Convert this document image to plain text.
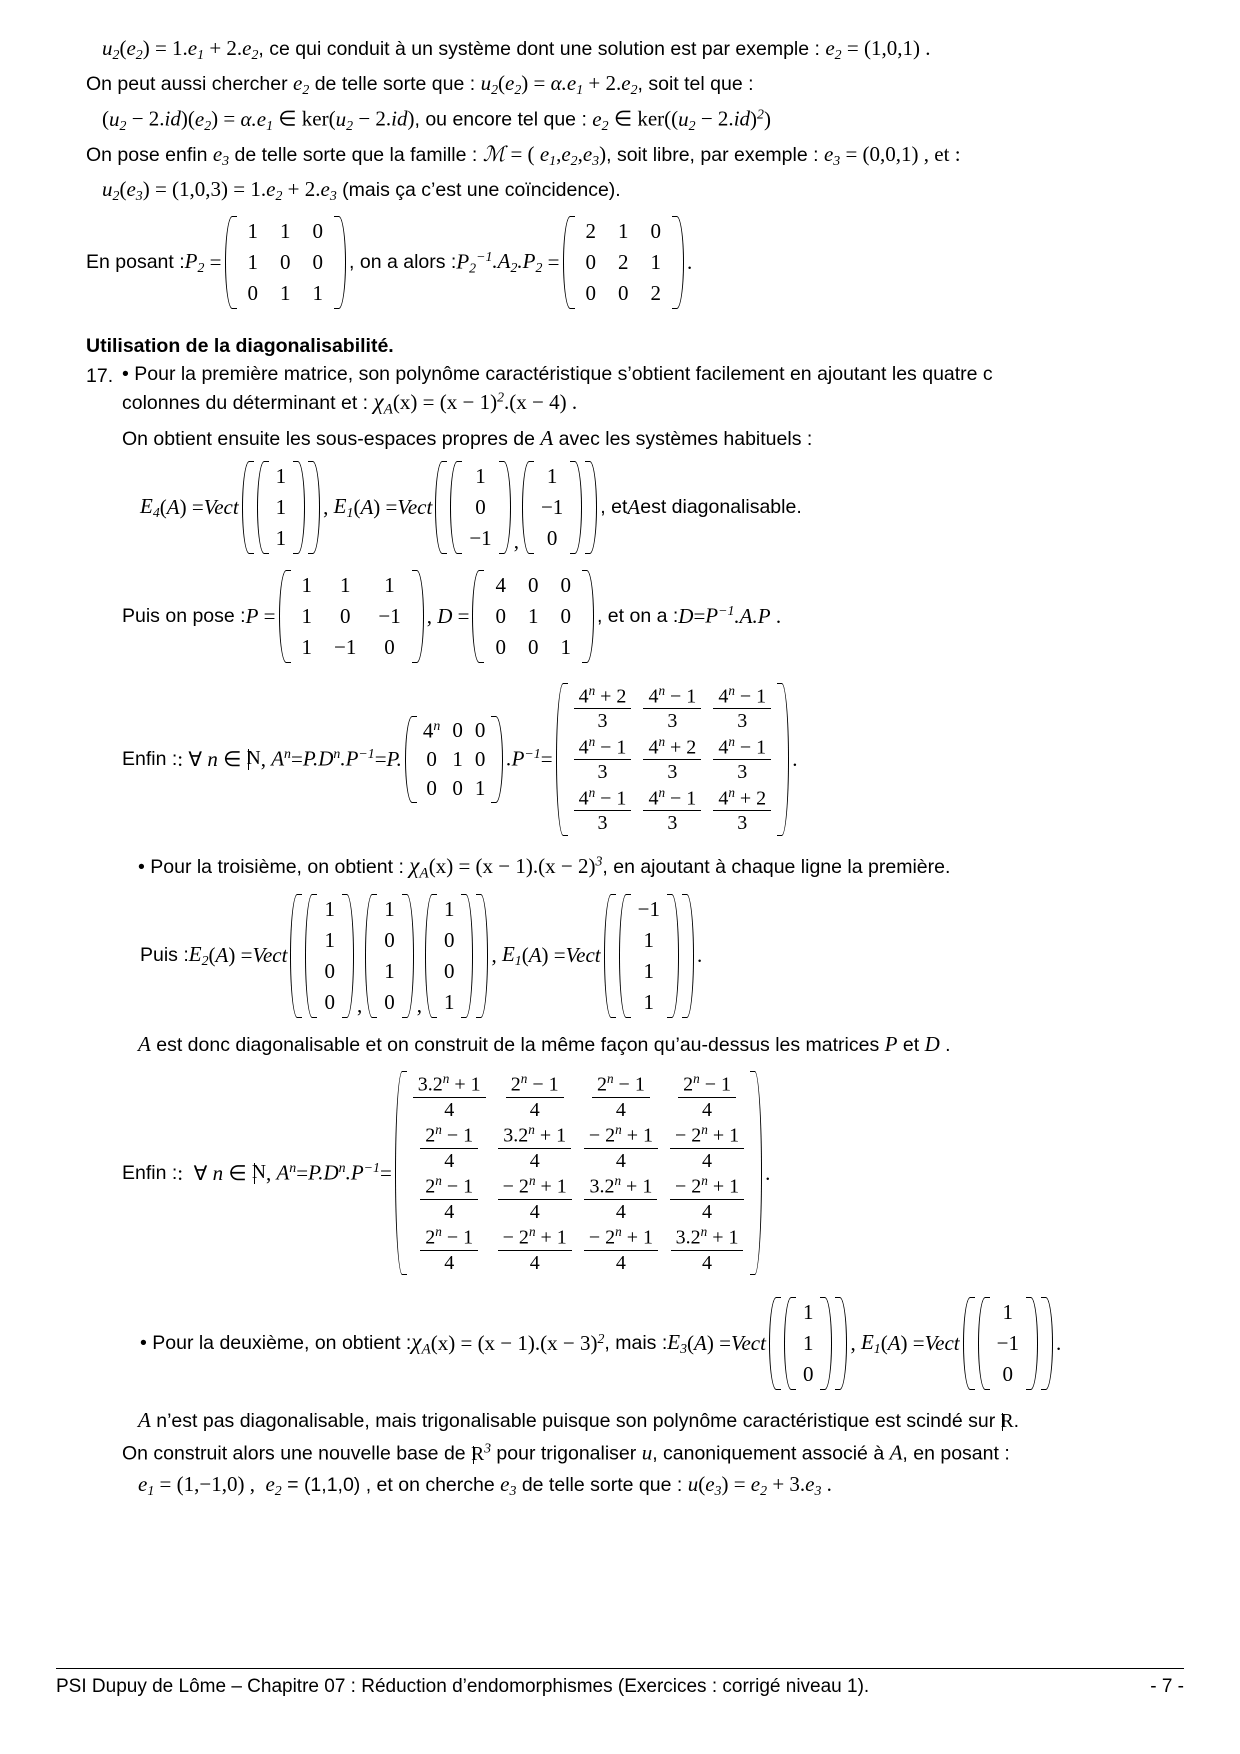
$u_2(e_2) = 1.e_1 + 2.e_2$, ce qui conduit à un système dont une solution est par exemple : $e_2 = (1,0,1)$ .
On peut aussi chercher $e_2$ de telle sorte que : $u_2(e_2) = \alpha.e_1 + 2.e_2$, soit tel que :
$(u_2 - 2.id)(e_2) = \alpha.e_1$ ∈ $ker(u_2 - 2.id)$, ou encore tel que : $e_2$ ∈ $ker((u_2 - 2.id)^2)$
On pose enfin $e_3$ de telle sorte que la famille : ℳ = ( $e_1,e_2,e_3$), soit libre, par exemple : $e_3 = (0,0,1)$ , et :
$u_2(e_3) = (1,0,3) = 1.e_2 + 2.e_3$ (mais ça c’est une coïncidence).
En posant : $P_2$ =
1	1	0
1	0	0
0	1	1
, on a alors : $P_2^{-1}$ $.A_2.P_2$ =
2	1	0
0	2	1
0	0	2
.
Utilisation de la diagonalisabilité.
17. • Pour la première matrice, son polynôme caractéristique s’obtient facilement en ajoutant les quatre c
colonnes du déterminant et : $\chi_A(x) = (x - 1)^2.(x - 4)$ .
On obtient ensuite les sous-espaces propres de A avec les systèmes habituels :
$E_4$ ( A ) = Vect
1
1
1
, $E_1$ ( A ) = Vect
1
0
−1 ,
1
−1
0
, et A est diagonalisable.
Puis on pose : P =
1	1	1
1	0	−1
1	−1	0
, D =
4	0	0
0	1	0
0	0	1
, et on a : $D = P^{-1}$ .A.P .
Enfin : : ∀ n ∈ N , $A^n = P.D^n.P^{-1} = P$.
4$^n$	0	0
0	1	0
0	0	1
$.P^{-1}$ =
$\frac{4^n + 2}{3}$	$\frac{4^n - 1}{3}$	$\frac{4^n - 1}{3}$

$\frac{4^n - 1}{3}$	$\frac{4^n + 2}{3}$	$\frac{4^n - 1}{3}$

$\frac{4^n - 1}{3}$	$\frac{4^n - 1}{3}$	$\frac{4^n + 2}{3}$
.
• Pour la troisième, on obtient : $\chi_A(x) = (x - 1).(x - 2)^3$, en ajoutant à chaque ligne la première.
Puis : $E_2$ ( A ) = Vect
1
1
0
0 ,
1
0
1
0 ,
1
0
0
1
, $E_1$ ( A ) = Vect
−1
1
1
1
.
A est donc diagonalisable et on construit de la même façon qu’au-dessus les matrices P et D .
Enfin : : ∀ n ∈ N , $A^n = P.D^n.P^{-1}$ =
$\frac{3.2^n + 1}{4}$	$\frac{2^n - 1}{4}$	$\frac{2^n - 1}{4}$	$\frac{2^n - 1}{4}$

$\frac{2^n - 1}{4}$	$\frac{3.2^n + 1}{4}$	$\frac{- 2^n + 1}{4}$	$\frac{- 2^n + 1}{4}$

$\frac{2^n - 1}{4}$	$\frac{- 2^n + 1}{4}$	$\frac{3.2^n + 1}{4}$	$\frac{- 2^n + 1}{4}$

$\frac{2^n - 1}{4}$	$\frac{- 2^n + 1}{4}$	$\frac{- 2^n + 1}{4}$	$\frac{3.2^n + 1}{4}$
.
• Pour la deuxième, on obtient : $\chi_A$ (x) = (x − 1).(x − 3) $^2$ , mais : $E_3$ ( A ) = Vect
1
1
0
, $E_1$ ( A ) = Vect
1
−1
0
.
A n’est pas diagonalisable, mais trigonalisable puisque son polynôme caractéristique est scindé sur R.
On construit alors une nouvelle base de $R^3$ pour trigonaliser u, canoniquement associé à A, en posant :
$e_1 = (1,-1,0)$ , $e_2 = (1,1,0)$ , et on cherche $e_3$ de telle sorte que : $u(e_3) = e_2 + 3.e_3$ .
PSI Dupuy de Lôme – Chapitre 07 : Réduction d’endomorphismes (Exercices : corrigé niveau 1).	- 7 -
